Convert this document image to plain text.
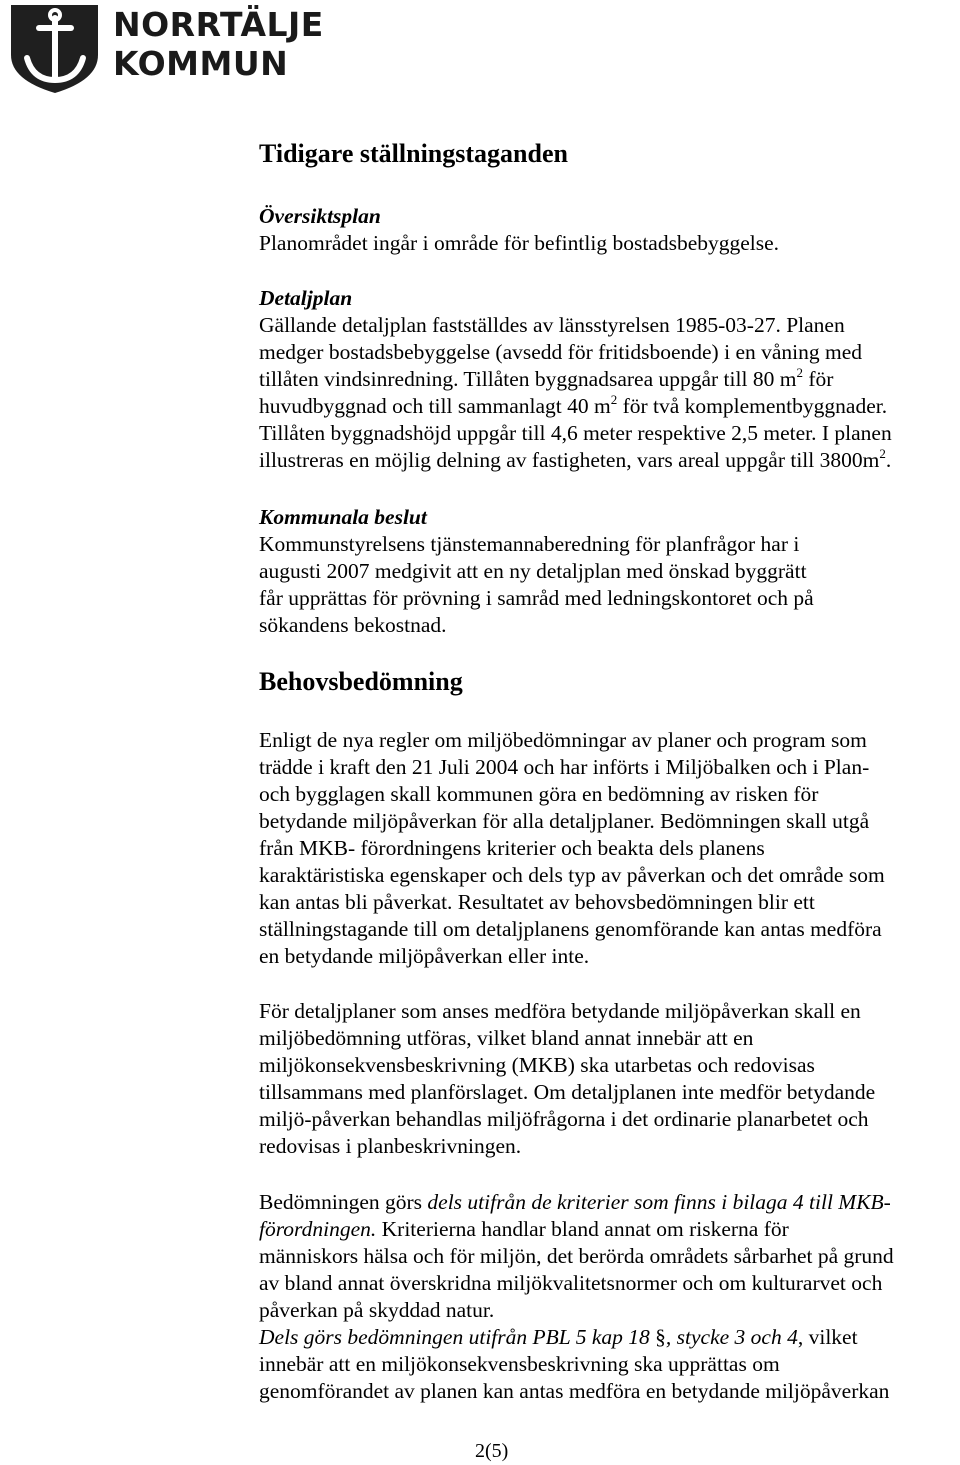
NORRTÄLJE
KOMMUN
Tidigare ställningstaganden
Översiktsplan
Planområdet ingår i område för befintlig bostadsbebyggelse.
Detaljplan
Gällande detaljplan fastställdes av länsstyrelsen 1985-03-27. Planen
medger bostadsbebyggelse (avsedd för fritidsboende) i en våning med
tillåten vindsinredning. Tillåten byggnadsarea uppgår till 80 $m^2$ för
huvudbyggnad och till sammanlagt 40 $m^2$ för två komplementbyggnader.
Tillåten byggnadshöjd uppgår till 4,6 meter respektive 2,5 meter. I planen
illustreras en möjlig delning av fastigheten, vars areal uppgår till $3800m^2$.
Kommunala beslut
Kommunstyrelsens tjänstemannaberedning för planfrågor har i
augusti 2007 medgivit att en ny detaljplan med önskad byggrätt
får upprättas för prövning i samråd med ledningskontoret och på
sökandens bekostnad.
Behovsbedömning
Enligt de nya regler om miljöbedömningar av planer och program som
trädde i kraft den 21 Juli 2004 och har införts i Miljöbalken och i Plan-
och bygglagen skall kommunen göra en bedömning av risken för
betydande miljöpåverkan för alla detaljplaner. Bedömningen skall utgå
från MKB- förordningens kriterier och beakta dels planens
karaktäristiska egenskaper och dels typ av påverkan och det område som
kan antas bli påverkat. Resultatet av behovsbedömningen blir ett
ställningstagande till om detaljplanens genomförande kan antas medföra
en betydande miljöpåverkan eller inte.
För detaljplaner som anses medföra betydande miljöpåverkan skall en
miljöbedömning utföras, vilket bland annat innebär att en
miljökonsekvensbeskrivning (MKB) ska utarbetas och redovisas
tillsammans med planförslaget. Om detaljplanen inte medför betydande
miljö-påverkan behandlas miljöfrågorna i det ordinarie planarbetet och
redovisas i planbeskrivningen.
Bedömningen görs dels utifrån de kriterier som finns i bilaga 4 till MKB-
förordningen. Kriterierna handlar bland annat om riskerna för
människors hälsa och för miljön, det berörda områdets sårbarhet på grund
av bland annat överskridna miljökvalitetsnormer och om kulturarvet och
påverkan på skyddad natur.
Dels görs bedömningen utifrån PBL 5 kap 18 §, stycke 3 och 4, vilket
innebär att en miljökonsekvensbeskrivning ska upprättas om
genomförandet av planen kan antas medföra en betydande miljöpåverkan
2(5)
